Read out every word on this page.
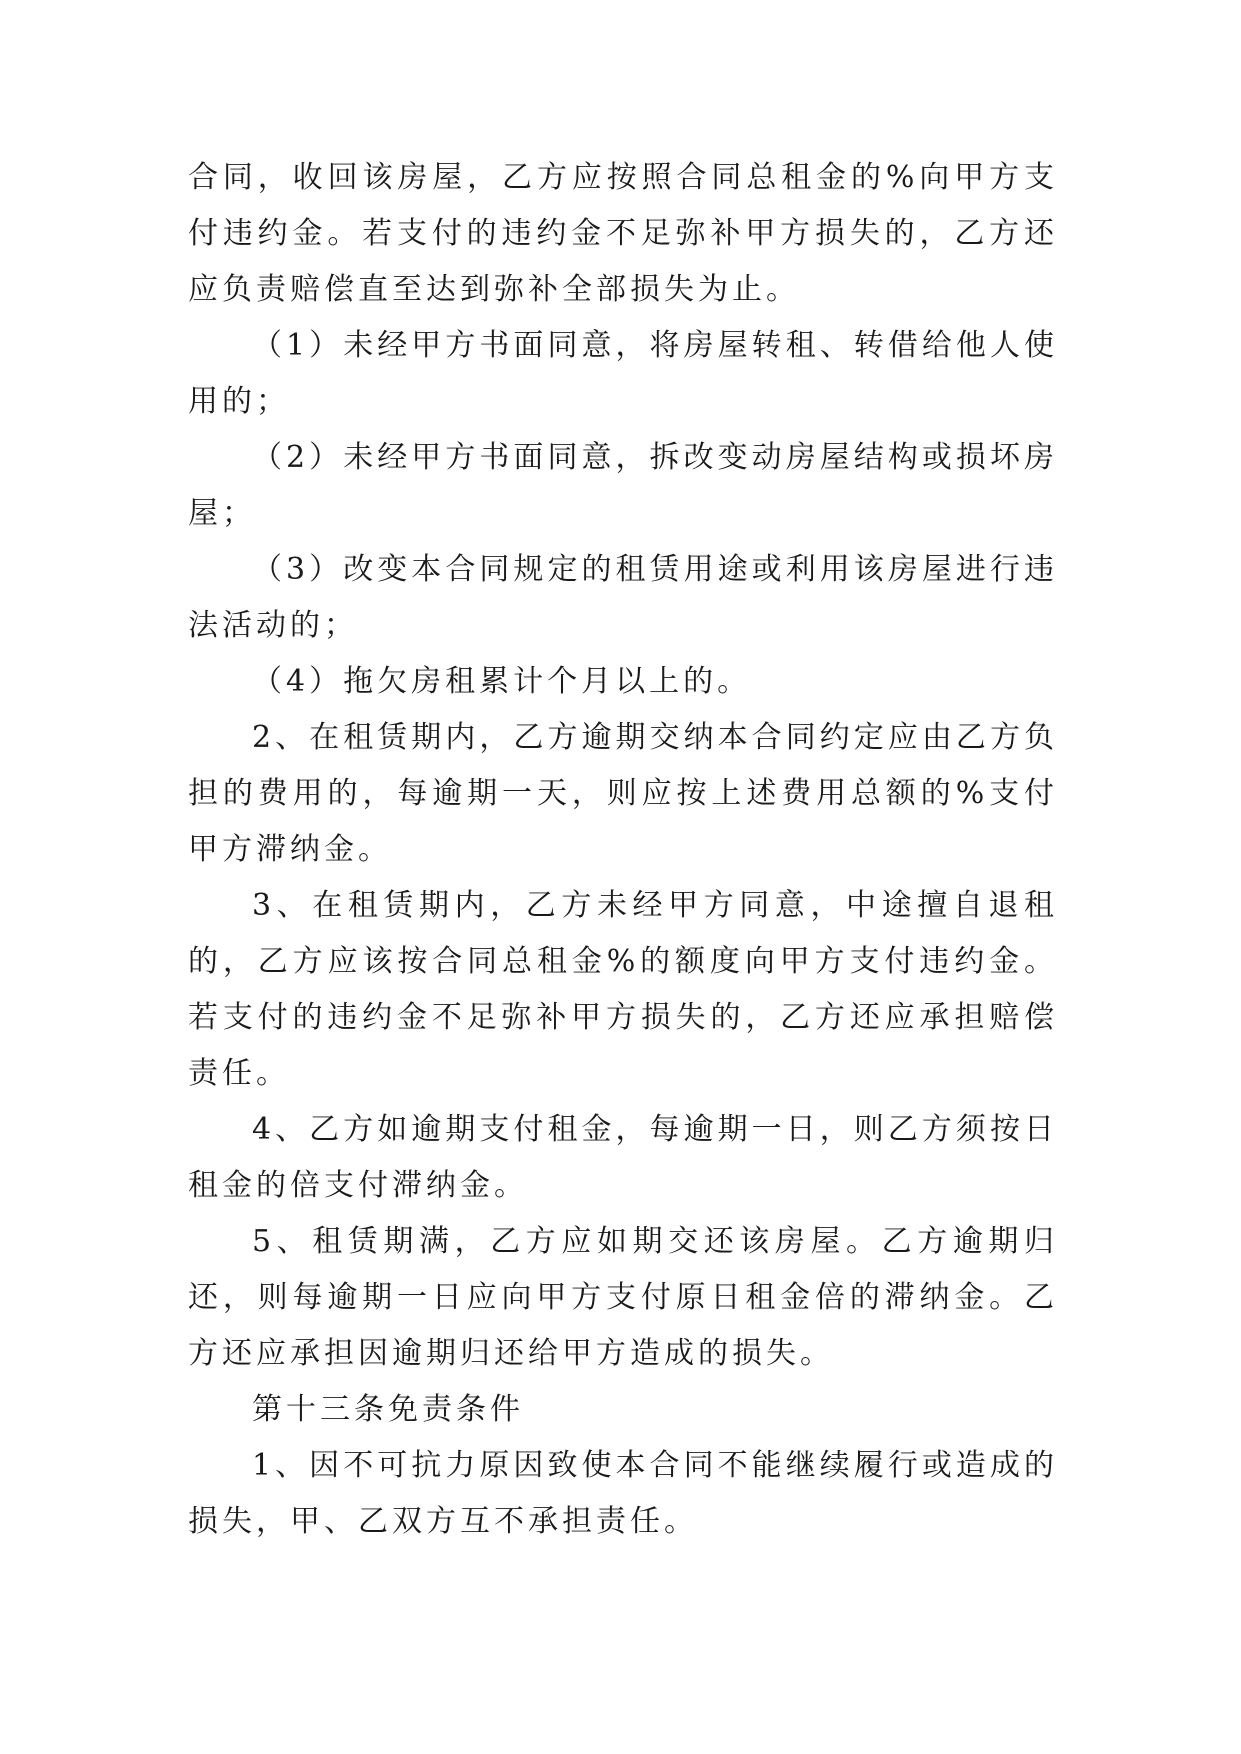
合同，收回该房屋，乙方应按照合同总租金的%向甲方支付违约金。若支付的违约金不足弥补甲方损失的，乙方还应负责赔偿直至达到弥补全部损失为止。

（1）未经甲方书面同意，将房屋转租、转借给他人使用的；

（2）未经甲方书面同意，拆改变动房屋结构或损坏房屋；

（3）改变本合同规定的租赁用途或利用该房屋进行违法活动的；

（4）拖欠房租累计个月以上的。

2、在租赁期内，乙方逾期交纳本合同约定应由乙方负担的费用的，每逾期一天，则应按上述费用总额的%支付甲方滞纳金。

3、在租赁期内，乙方未经甲方同意，中途擅自退租的，乙方应该按合同总租金%的额度向甲方支付违约金。若支付的违约金不足弥补甲方损失的，乙方还应承担赔偿责任。

4、乙方如逾期支付租金，每逾期一日，则乙方须按日租金的倍支付滞纳金。

5、租赁期满，乙方应如期交还该房屋。乙方逾期归还，则每逾期一日应向甲方支付原日租金倍的滞纳金。乙方还应承担因逾期归还给甲方造成的损失。

第十三条免责条件

1、因不可抗力原因致使本合同不能继续履行或造成的损失，甲、乙双方互不承担责任。
